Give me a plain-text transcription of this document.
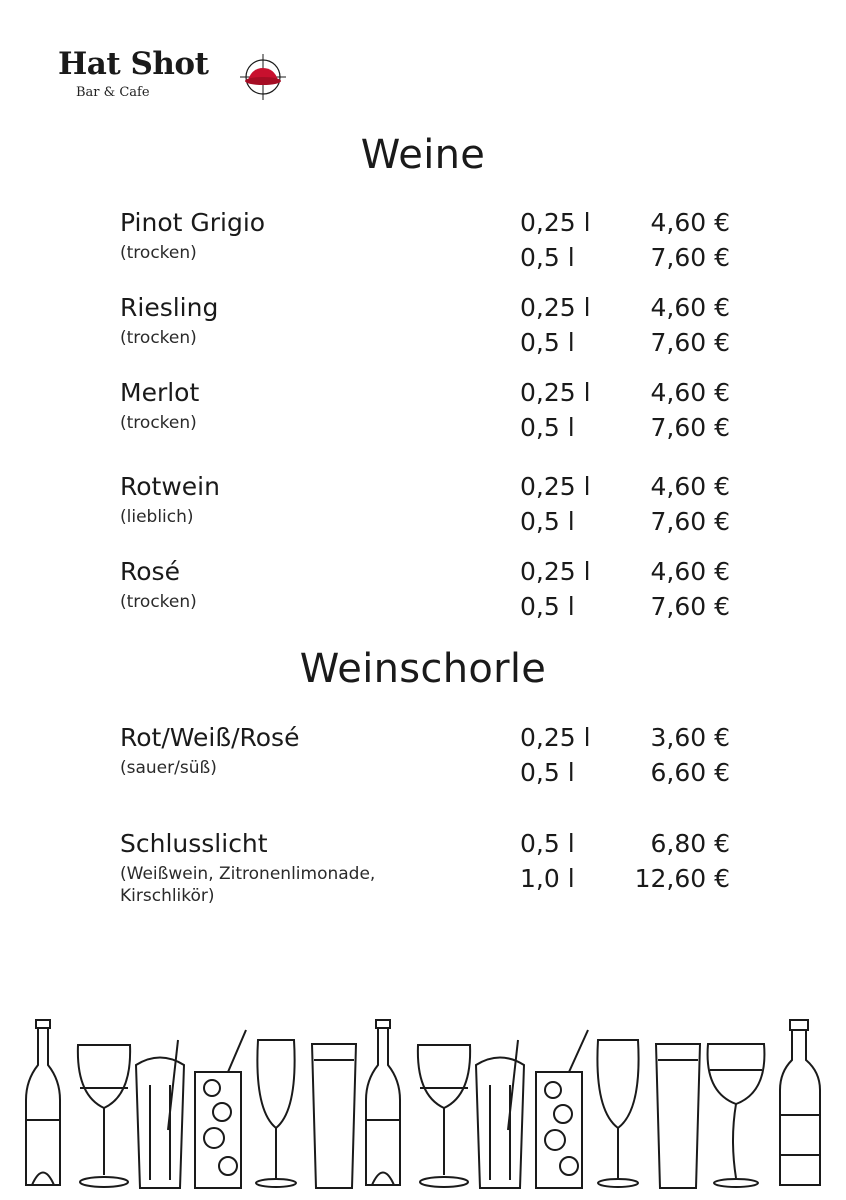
Hat Shot
Bar & Cafe
Weine
Pinot Grigio
(trocken)
0,25 l 4,60 €
0,5 l	7,60 €
Riesling
(trocken)
0,25 l 4,60 €
0,5 l	7,60 €
Merlot
(trocken)
0,25 l 4,60 €
0,5 l	7,60 €
Rotwein
(lieblich)
0,25 l 4,60 €
0,5 l	7,60 €
Rosé
(trocken)
0,25 l 4,60 €
0,5 l	7,60 €
Weinschorle
Rot/Weiß/Rosé
(sauer/süß)
0,25 l 3,60 €
0,5 l	6,60 €
Schlusslicht
(Weißwein, Zitronenlimonade, Kirschlikör)
0,5 l	6,80 €
1,0 l 12,60 €
